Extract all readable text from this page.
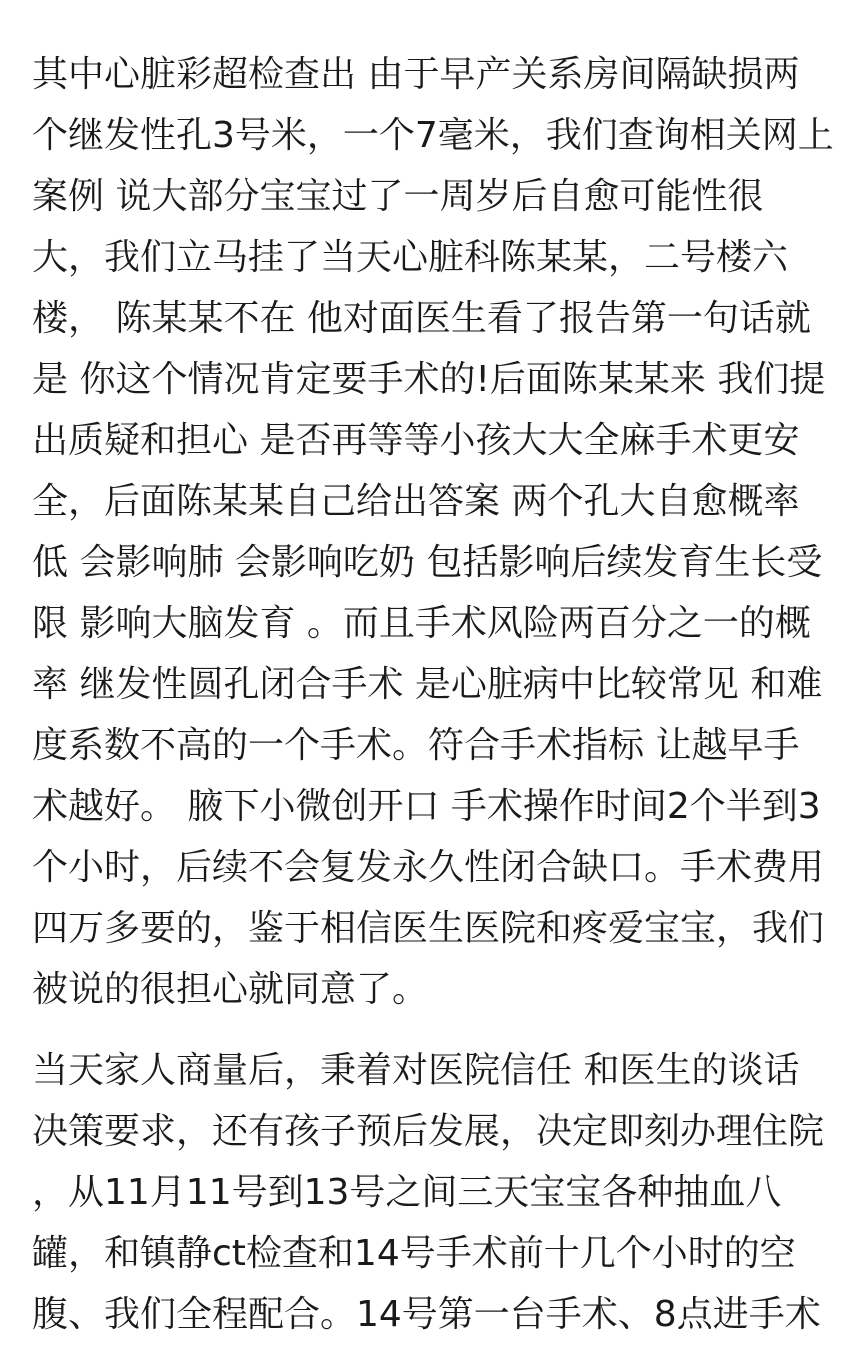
其中心脏彩超检查出 由于早产关系房间隔缺损两
个继发性孔3号米，一个7毫米，我们查询相关网上
案例 说大部分宝宝过了一周岁后自愈可能性很
大，我们立马挂了当天心脏科陈某某，二号楼六
楼， 陈某某不在 他对面医生看了报告第一句话就
是 你这个情况肯定要手术的!后面陈某某来 我们提
出质疑和担心 是否再等等小孩大大全麻手术更安
全，后面陈某某自己给出答案 两个孔大自愈概率
低 会影响肺 会影响吃奶 包括影响后续发育生长受
限 影响大脑发育 。而且手术风险两百分之一的概
率 继发性圆孔闭合手术 是心脏病中比较常见 和难
度系数不高的一个手术。符合手术指标 让越早手
术越好。 腋下小微创开口 手术操作时间2个半到3
个小时，后续不会复发永久性闭合缺口。手术费用
四万多要的，鉴于相信医生医院和疼爱宝宝，我们
被说的很担心就同意了。

当天家人商量后，秉着对医院信任 和医生的谈话
决策要求，还有孩子预后发展，决定即刻办理住院
，从11月11号到13号之间三天宝宝各种抽血八
罐，和镇静ct检查和14号手术前十几个小时的空
腹、我们全程配合。14号第一台手术、8点进手术
